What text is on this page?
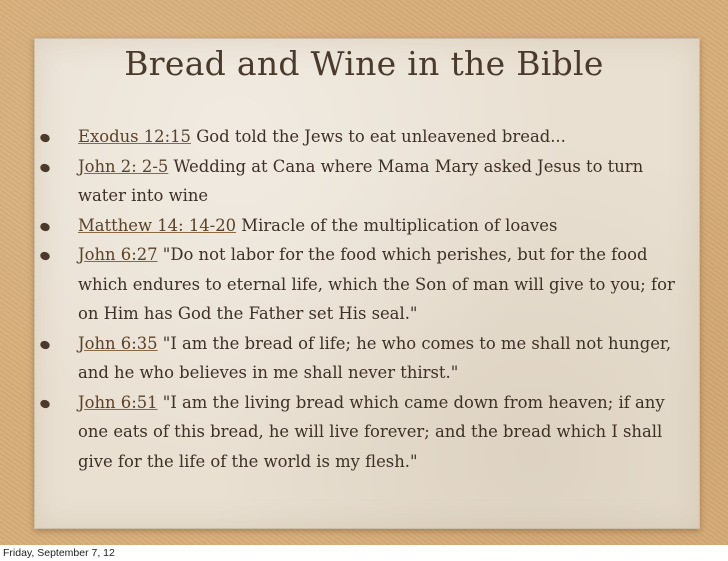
Bread and Wine in the Bible
Exodus 12:15 God told the Jews to eat unleavened bread...
John 2: 2-5 Wedding at Cana where Mama Mary asked Jesus to turn water into wine
Matthew 14: 14-20 Miracle of the multiplication of loaves
John 6:27 "Do not labor for the food which perishes, but for the food which endures to eternal life, which the Son of man will give to you; for on Him has God the Father set His seal."
John 6:35 "I am the bread of life; he who comes to me shall not hunger, and he who believes in me shall never thirst."
John 6:51 "I am the living bread which came down from heaven; if any one eats of this bread, he will live forever; and the bread which I shall give for the life of the world is my flesh."
Friday, September 7, 12
